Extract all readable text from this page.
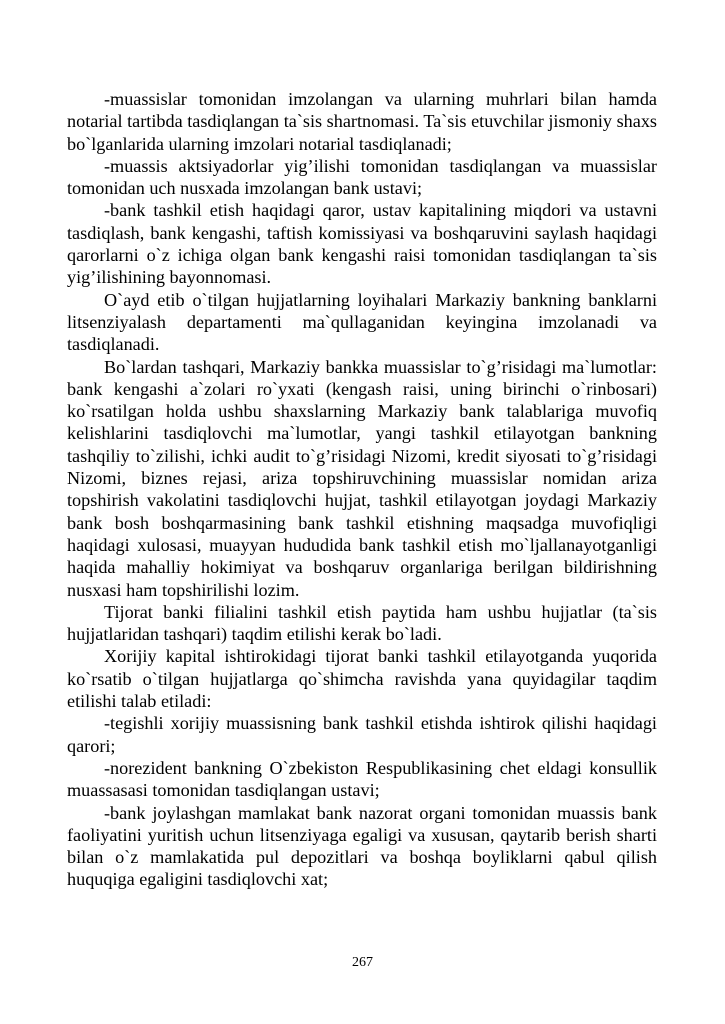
-muassislar tomonidan imzolangan va ularning muhrlari bilan hamda notarial tartibda tasdiqlangan ta`sis shartnomasi. Ta`sis etuvchilar jismoniy shaxs bo`lganlarida ularning imzolari notarial tasdiqlanadi;

-muassis aktsiyadorlar yig’ilishi tomonidan tasdiqlangan va muassislar tomonidan uch nusxada imzolangan bank ustavi;

-bank tashkil etish haqidagi qaror, ustav kapitalining miqdori va ustavni tasdiqlash, bank kengashi, taftish komissiyasi va boshqaruvini saylash haqidagi qarorlarni o`z ichiga olgan bank kengashi raisi tomonidan tasdiqlangan ta`sis yig’ilishining bayonnomasi.

O`ayd etib o`tilgan hujjatlarning loyihalari Markaziy bankning banklarni litsenziyalash departamenti ma`qullaganidan keyingina imzolanadi va tasdiqlanadi.

Bo`lardan tashqari, Markaziy bankka muassislar to`g’risidagi ma`lumotlar: bank kengashi a`zolari ro`yxati (kengash raisi, uning birinchi o`rinbosari) ko`rsatilgan holda ushbu shaxslarning Markaziy bank talablariga muvofiq kelishlarini tasdiqlovchi ma`lumotlar, yangi tashkil etilayotgan bankning tashqiliy to`zilishi, ichki audit to`g’risidagi Nizomi, kredit siyosati to`g’risidagi Nizomi, biznes rejasi, ariza topshiruvchining muassislar nomidan ariza topshirish vakolatini tasdiqlovchi hujjat, tashkil etilayotgan joydagi Markaziy bank bosh boshqarmasining bank tashkil etishning maqsadga muvofiqligi haqidagi xulosasi, muayyan hududida bank tashkil etish mo`ljallanayotganligi haqida mahalliy hokimiyat va boshqaruv organlariga berilgan bildirishning nusxasi ham topshirilishi lozim.

Tijorat banki filialini tashkil etish paytida ham ushbu hujjatlar (ta`sis hujjatlaridan tashqari) taqdim etilishi kerak bo`ladi.

Xorijiy kapital ishtirokidagi tijorat banki tashkil etilayotganda yuqorida ko`rsatib o`tilgan hujjatlarga qo`shimcha ravishda yana quyidagilar taqdim etilishi talab etiladi:

-tegishli xorijiy muassisning bank tashkil etishda ishtirok qilishi haqidagi qarori;

-norezident bankning O`zbekiston Respublikasining chet eldagi konsullik muassasasi tomonidan tasdiqlangan ustavi;

-bank joylashgan mamlakat bank nazorat organi tomonidan muassis bank faoliyatini yuritish uchun litsenziyaga egaligi va xususan, qaytarib berish sharti bilan o`z mamlakatida pul depozitlari va boshqa boyliklarni qabul qilish huquqiga egaligini tasdiqlovchi xat;

267
